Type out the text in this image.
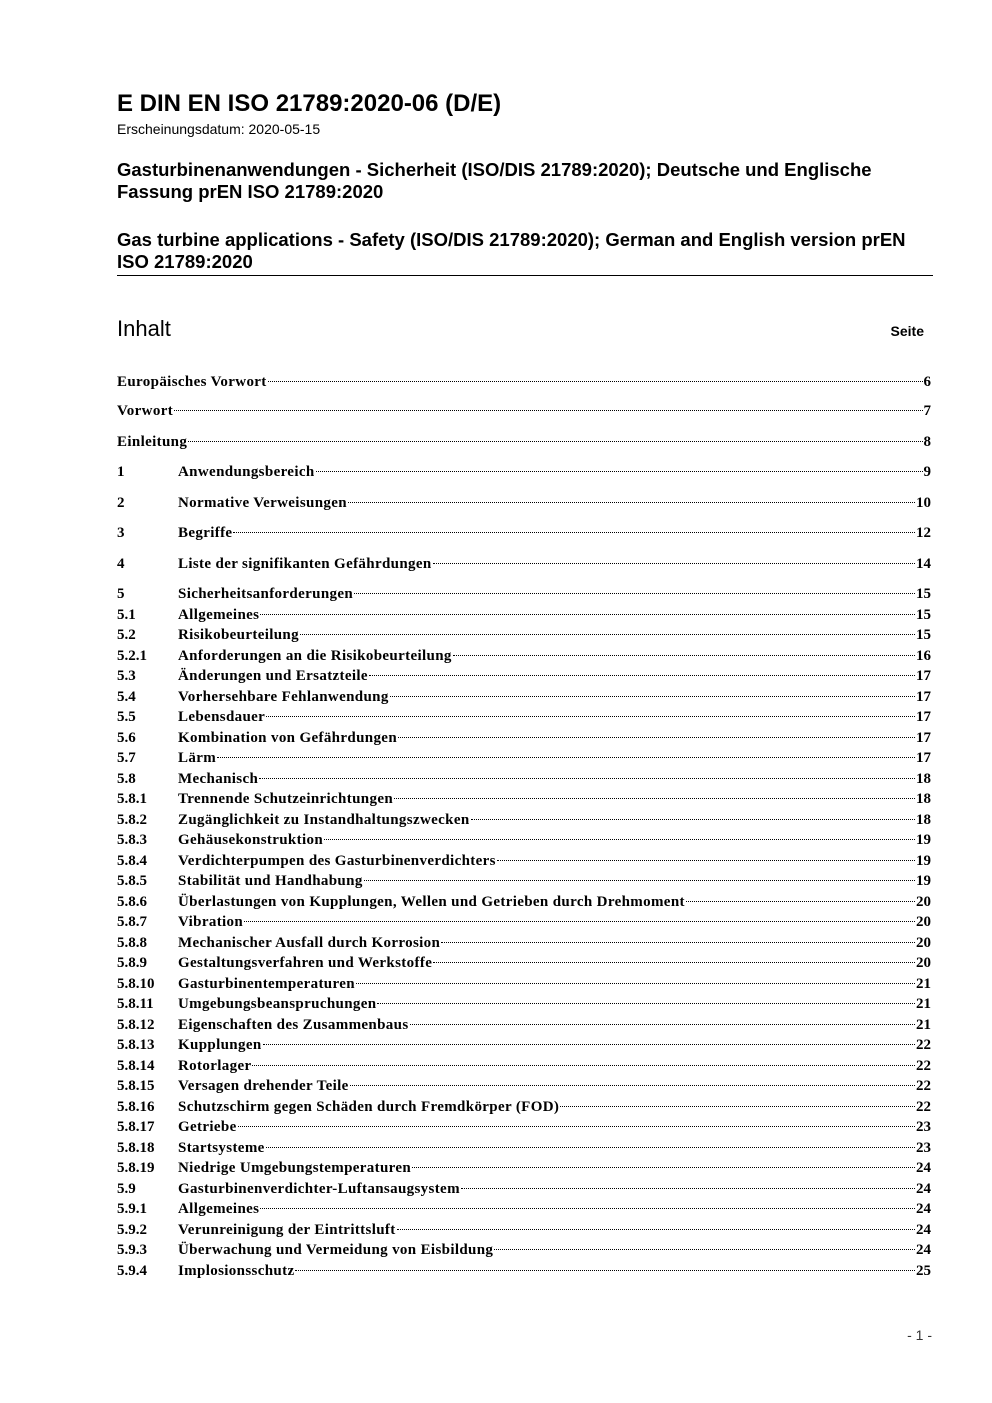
E DIN EN ISO 21789:2020-06 (D/E)
Erscheinungsdatum: 2020-05-15
Gasturbinenanwendungen - Sicherheit (ISO/DIS 21789:2020); Deutsche und Englische Fassung prEN ISO 21789:2020
Gas turbine applications - Safety (ISO/DIS 21789:2020); German and English version prEN ISO 21789:2020
Inhalt	Seite
Europäisches Vorwort	6
Vorwort	7
Einleitung	8
1	Anwendungsbereich	9
2	Normative Verweisungen	10
3	Begriffe	12
4	Liste der signifikanten Gefährdungen	14
5	Sicherheitsanforderungen	15
5.1	Allgemeines	15
5.2	Risikobeurteilung	15
5.2.1	Anforderungen an die Risikobeurteilung	16
5.3	Änderungen und Ersatzteile	17
5.4	Vorhersehbare Fehlanwendung	17
5.5	Lebensdauer	17
5.6	Kombination von Gefährdungen	17
5.7	Lärm	17
5.8	Mechanisch	18
5.8.1	Trennende Schutzeinrichtungen	18
5.8.2	Zugänglichkeit zu Instandhaltungszwecken	18
5.8.3	Gehäusekonstruktion	19
5.8.4	Verdichterpumpen des Gasturbinenverdichters	19
5.8.5	Stabilität und Handhabung	19
5.8.6	Überlastungen von Kupplungen, Wellen und Getrieben durch Drehmoment	20
5.8.7	Vibration	20
5.8.8	Mechanischer Ausfall durch Korrosion	20
5.8.9	Gestaltungsverfahren und Werkstoffe	20
5.8.10	Gasturbinentemperaturen	21
5.8.11	Umgebungsbeanspruchungen	21
5.8.12	Eigenschaften des Zusammenbaus	21
5.8.13	Kupplungen	22
5.8.14	Rotorlager	22
5.8.15	Versagen drehender Teile	22
5.8.16	Schutzschirm gegen Schäden durch Fremdkörper (FOD)	22
5.8.17	Getriebe	23
5.8.18	Startsysteme	23
5.8.19	Niedrige Umgebungstemperaturen	24
5.9	Gasturbinenverdichter-Luftansaugsystem	24
5.9.1	Allgemeines	24
5.9.2	Verunreinigung der Eintrittsluft	24
5.9.3	Überwachung und Vermeidung von Eisbildung	24
5.9.4	Implosionsschutz	25
- 1 -
